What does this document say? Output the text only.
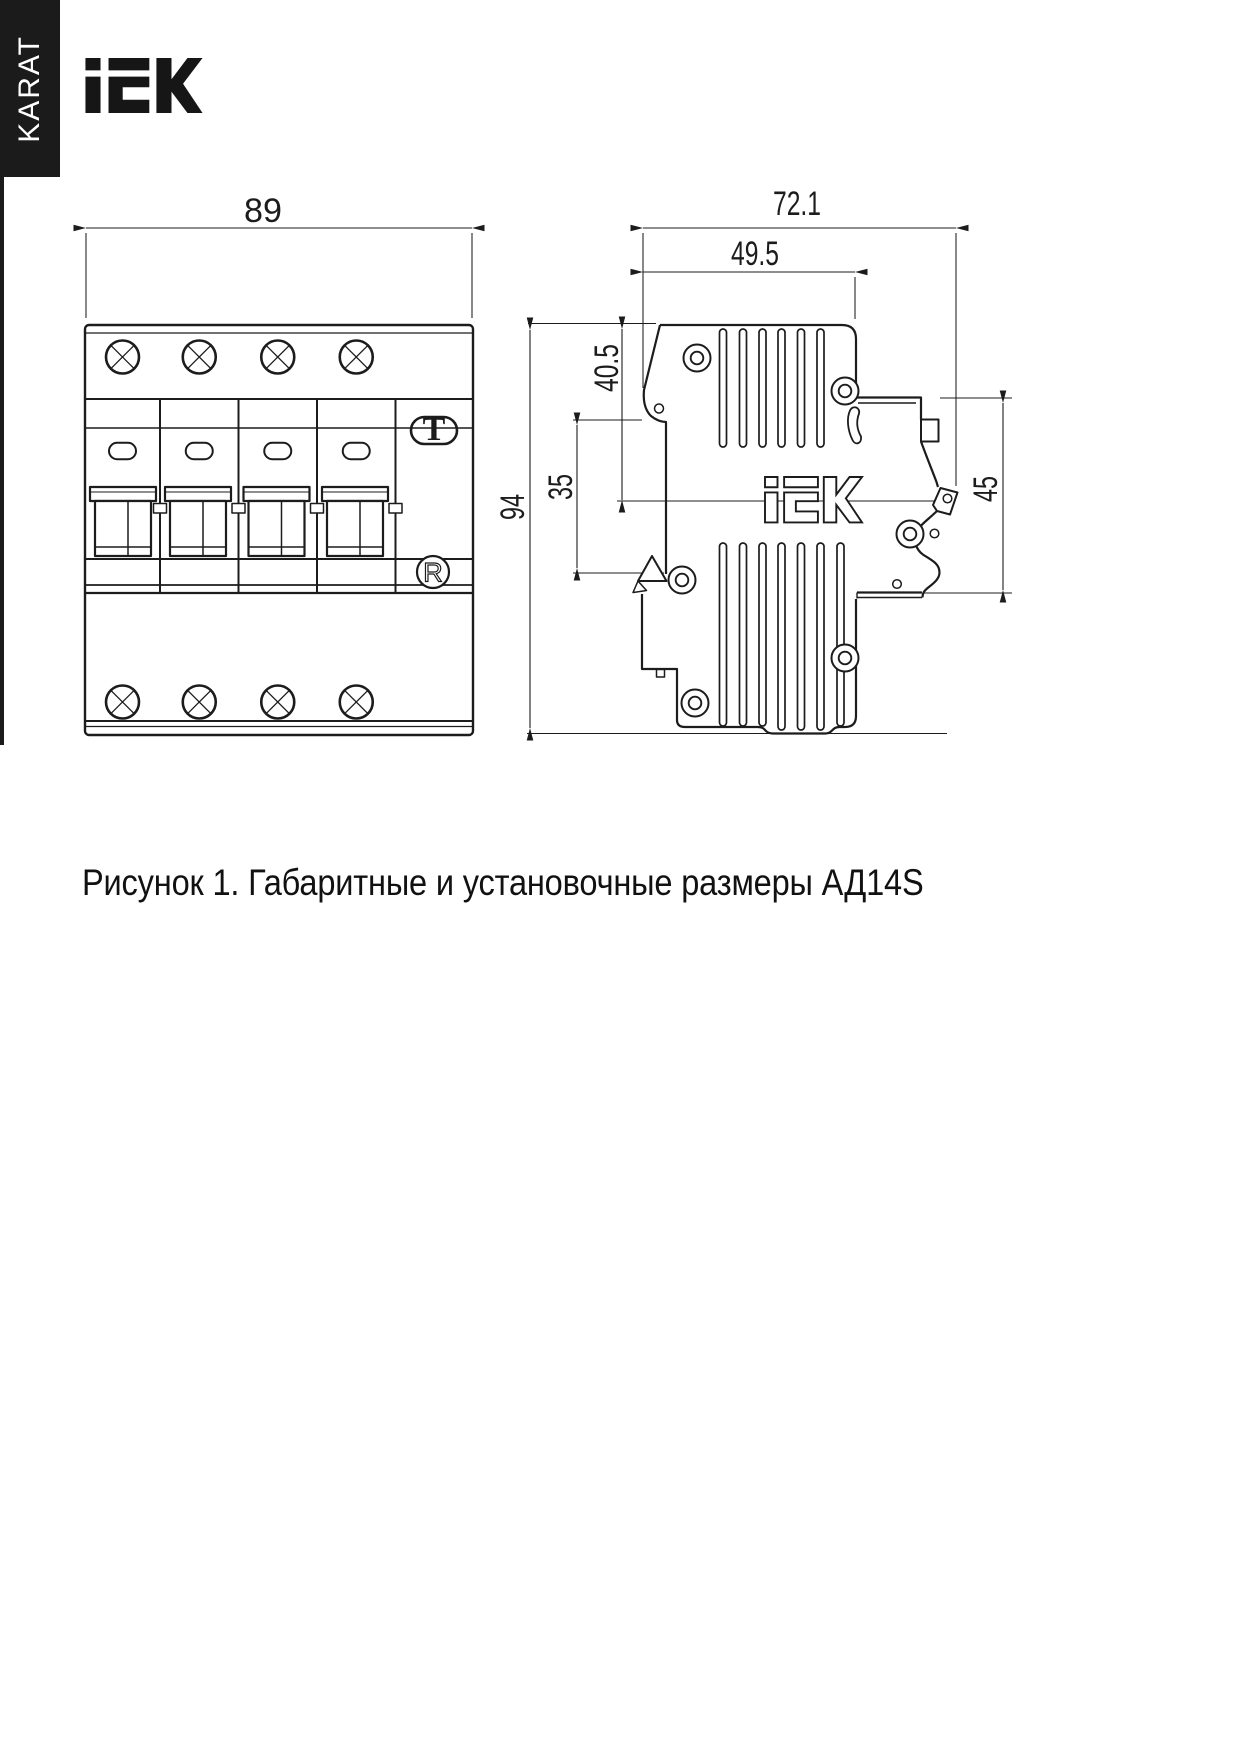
KARAT
89
T
R
72.1
49.5
40.5
35
94	45
Рисунок 1. Габаритные и установочные размеры АД14S
